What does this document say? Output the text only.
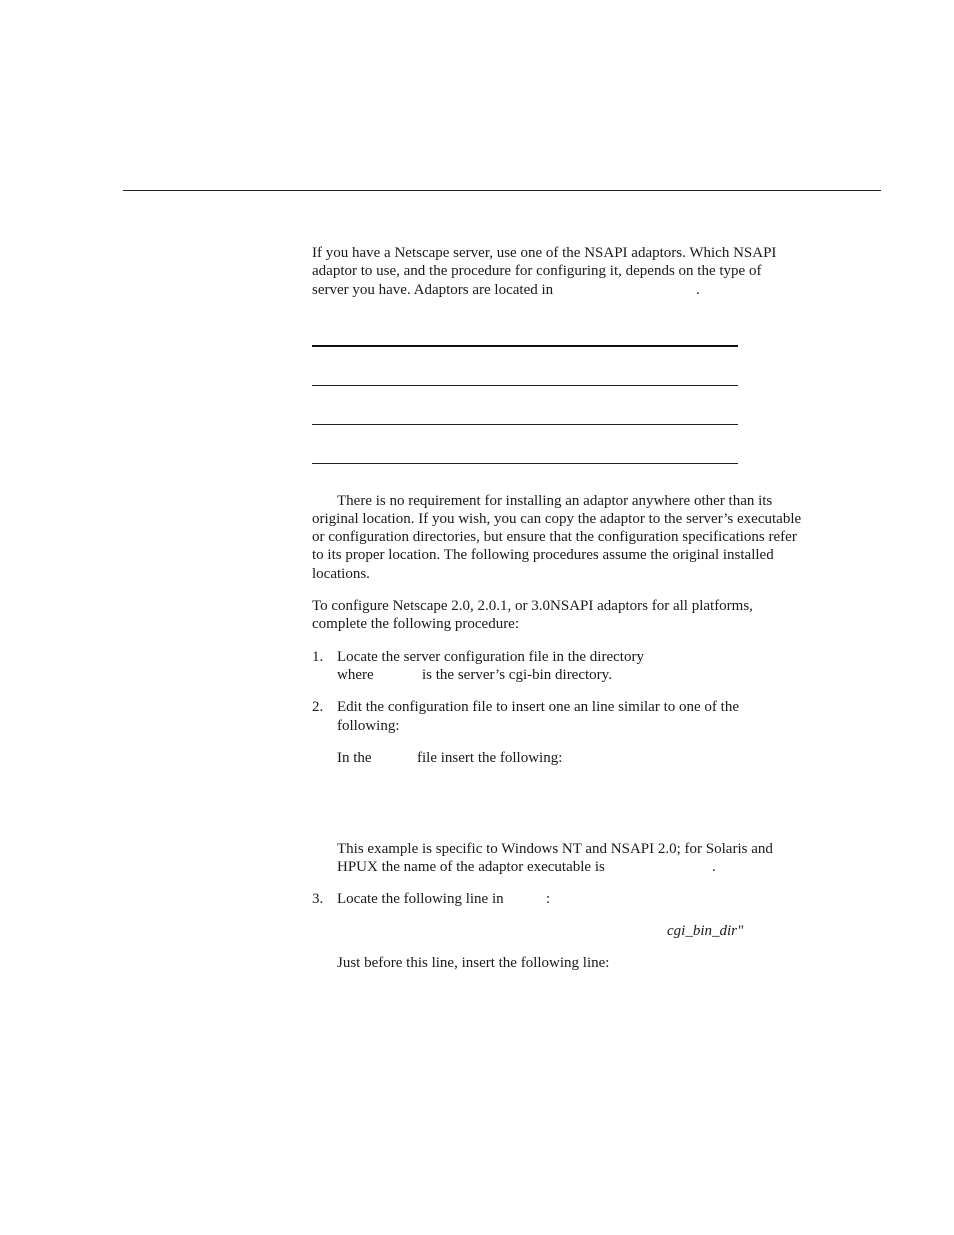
If you have a Netscape server, use one of the NSAPI adaptors. Which NSAPI
adaptor to use, and the procedure for configuring it, depends on the type of
server you have. Adaptors are located in	.
There is no requirement for installing an adaptor anywhere other than its
original location. If you wish, you can copy the adaptor to the server’s executable
or configuration directories, but ensure that the configuration specifications refer
to its proper location. The following procedures assume the original installed
locations.
To configure Netscape 2.0, 2.0.1, or 3.0NSAPI adaptors for all platforms,
complete the following procedure:
1. Locate the server configuration file in the directory
where	is the server’s cgi-bin directory.
2. Edit the configuration file to insert one an line similar to one of the
following:
In the	file insert the following:
This example is specific to Windows NT and NSAPI 2.0; for Solaris and
HPUX the name of the adaptor executable is	.
3. Locate the following line in	:
cgi_bin_dir"
Just before this line, insert the following line:
